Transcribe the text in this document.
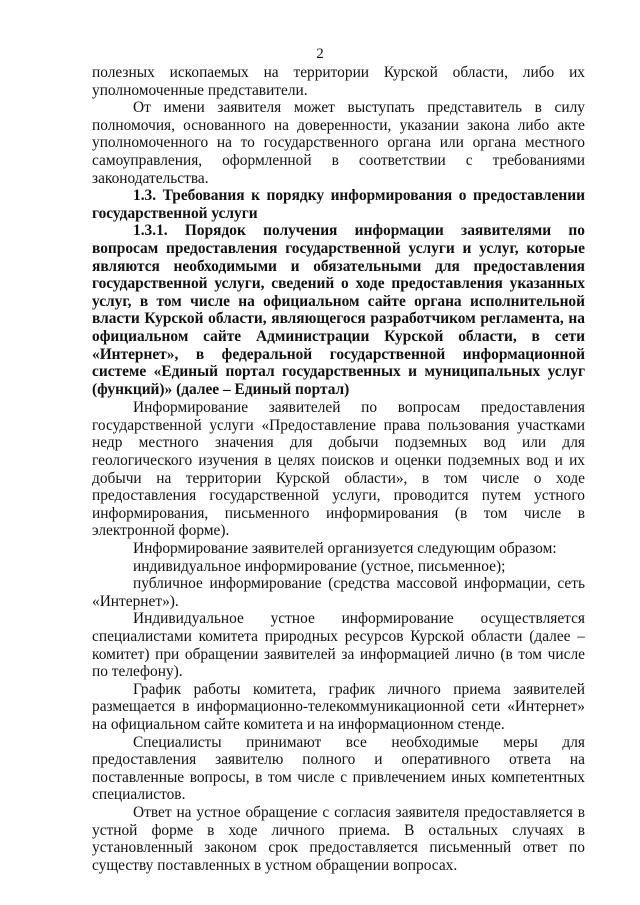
2

полезных ископаемых на территории Курской области, либо их уполномоченные представители.

От имени заявителя может выступать представитель в силу полномочия, основанного на доверенности, указании закона либо акте уполномоченного на то государственного органа или органа местного самоуправления, оформленной в соответствии с требованиями законодательства.

1.3. Требования к порядку информирования о предоставлении государственной услуги

1.3.1. Порядок получения информации заявителями по вопросам предоставления государственной услуги и услуг, которые являются необходимыми и обязательными для предоставления государственной услуги, сведений о ходе предоставления указанных услуг, в том числе на официальном сайте органа исполнительной власти Курской области, являющегося разработчиком регламента, на официальном сайте Администрации Курской области, в сети «Интернет», в федеральной государственной информационной системе «Единый портал государственных и муниципальных услуг (функций)» (далее – Единый портал)

Информирование заявителей по вопросам предоставления государственной услуги «Предоставление права пользования участками недр местного значения для добычи подземных вод или для геологического изучения в целях поисков и оценки подземных вод и их добычи на территории Курской области», в том числе о ходе предоставления государственной услуги, проводится путем устного информирования, письменного информирования (в том числе в электронной форме).

Информирование заявителей организуется следующим образом:

индивидуальное информирование (устное, письменное);

публичное информирование (средства массовой информации, сеть «Интернет»).

Индивидуальное устное информирование осуществляется специалистами комитета природных ресурсов Курской области (далее – комитет) при обращении заявителей за информацией лично (в том числе по телефону).

График работы комитета, график личного приема заявителей размещается в информационно-телекоммуникационной сети «Интернет» на официальном сайте комитета и на информационном стенде.

Специалисты принимают все необходимые меры для предоставления заявителю полного и оперативного ответа на поставленные вопросы, в том числе с привлечением иных компетентных специалистов.

Ответ на устное обращение с согласия заявителя предоставляется в устной форме в ходе личного приема. В остальных случаях в установленный законом срок предоставляется письменный ответ по существу поставленных в устном обращении вопросах.
